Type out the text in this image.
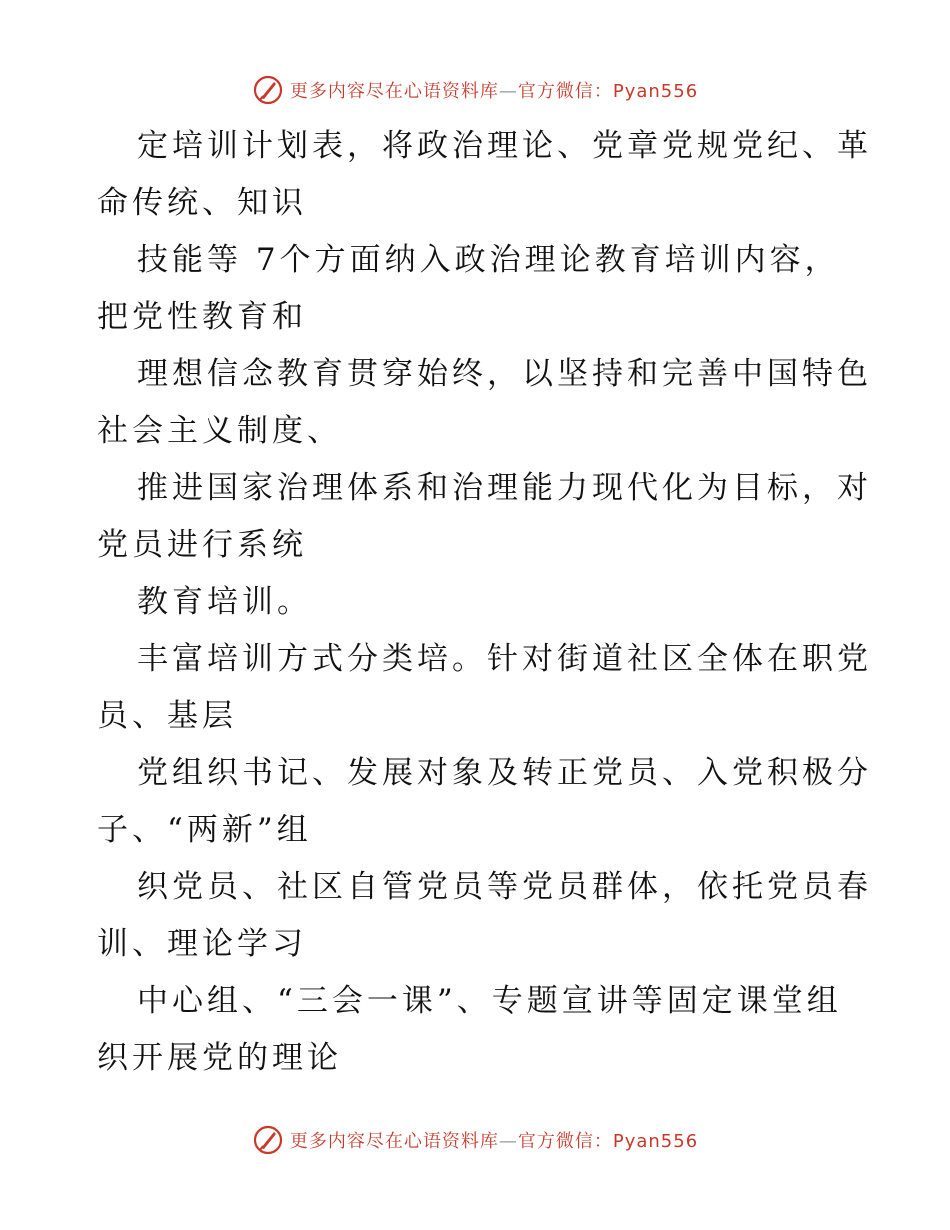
更多内容尽在心语资料库—官方微信：Pyan556
定培训计划表，将政治理论、党章党规党纪、革
命传统、知识
技能等 7个方面纳入政治理论教育培训内容，
把党性教育和
理想信念教育贯穿始终，以坚持和完善中国特色
社会主义制度、
推进国家治理体系和治理能力现代化为目标，对
党员进行系统
教育培训。
丰富培训方式分类培。针对街道社区全体在职党
员、基层
党组织书记、发展对象及转正党员、入党积极分
子、“两新”组
织党员、社区自管党员等党员群体，依托党员春
训、理论学习
中心组、“三会一课”、专题宣讲等固定课堂组
织开展党的理论
更多内容尽在心语资料库—官方微信：Pyan556
